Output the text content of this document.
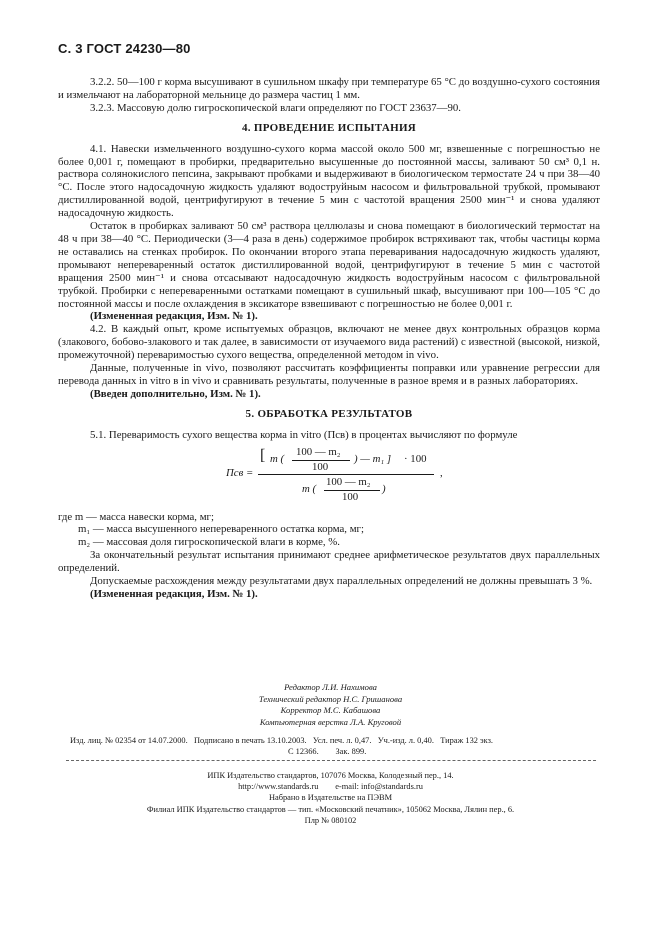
С. 3 ГОСТ 24230—80

3.2.2. 50—100 г корма высушивают в сушильном шкафу при температуре 65 °С до воздушно-сухого состояния и измельчают на лабораторной мельнице до размера частиц 1 мм.

3.2.3. Массовую долю гигроскопической влаги определяют по ГОСТ 23637—90.

4. ПРОВЕДЕНИЕ ИСПЫТАНИЯ

4.1. Навески измельченного воздушно-сухого корма массой около 500 мг, взвешенные с погрешностью не более 0,001 г, помещают в пробирки, предварительно высушенные до постоянной массы, заливают 50 см³ 0,1 н. раствора солянокислого пепсина, закрывают пробками и выдерживают в биологическом термостате 24 ч при 38—40 °С. После этого надосадочную жидкость удаляют водоструйным насосом и фильтровальной трубкой, промывают дистиллированной водой, центрифугируют в течение 5 мин с частотой вращения 2500 мин⁻¹ и снова удаляют надосадочную жидкость.

Остаток в пробирках заливают 50 см³ раствора целлюлазы и снова помещают в биологический термостат на 48 ч при 38—40 °С. Периодически (3—4 раза в день) содержимое пробирок встряхивают так, чтобы частицы корма не оставались на стенках пробирок. По окончании второго этапа переваривания надосадочную жидкость удаляют, промывают непереваренный остаток дистиллированной водой, центрифугируют в течение 5 мин с частотой вращения 2500 мин⁻¹ и снова отсасывают надосадочную жидкость водоструйным насосом с фильтровальной трубкой. Пробирки с непереваренными остатками помещают в сушильный шкаф, высушивают при 100—105 °С до постоянной массы и после охлаждения в эксикаторе взвешивают с погрешностью не более 0,001 г.

(Измененная редакция, Изм. № 1).

4.2. В каждый опыт, кроме испытуемых образцов, включают не менее двух контрольных образцов корма (злакового, бобово-злакового и так далее, в зависимости от изучаемого вида растений) с известной (высокой, низкой, промежуточной) переваримостью сухого вещества, определенной методом in vivo.

Данные, полученные in vivo, позволяют рассчитать коэффициенты поправки или уравнение регрессии для перевода данных in vitro в in vivo и сравнивать результаты, полученные в разное время и в разных лабораториях.

(Введен дополнительно, Изм. № 1).

5. ОБРАБОТКА РЕЗУЛЬТАТОВ

5.1. Переваримость сухого вещества корма in vitro (Псв) в процентах вычисляют по формуле

Псв =
[ m (
100 — m₂
100
) — m₁ ] · 100
,
m (
100 — m₂
100
)

где m — масса навески корма, мг;

m₁ — масса высушенного непереваренного остатка корма, мг;

m₂ — массовая доля гигроскопической влаги в корме, %.

За окончательный результат испытания принимают среднее арифметическое результатов двух параллельных определений.

Допускаемые расхождения между результатами двух параллельных определений не должны превышать 3 %.

(Измененная редакция, Изм. № 1).

Редактор Л.И. Нахимова
Технический редактор Н.С. Гришанова
Корректор М.С. Кабашова
Компьютерная верстка Л.А. Круговой
Изд. лиц. № 02354 от 14.07.2000.   Подписано в печать 13.10.2003.   Усл. печ. л. 0,47.   Уч.-изд. л. 0,40.   Тираж 132 экз.
С 12366.        Зак. 899.
ИПК Издательство стандартов, 107076 Москва, Колодезный пер., 14.
http://www.standards.ru        e-mail: info@standards.ru
Набрано в Издательстве на ПЭВМ
Филиал ИПК Издательство стандартов — тип. «Московский печатник», 105062 Москва, Лялин пер., 6.
Плр № 080102
